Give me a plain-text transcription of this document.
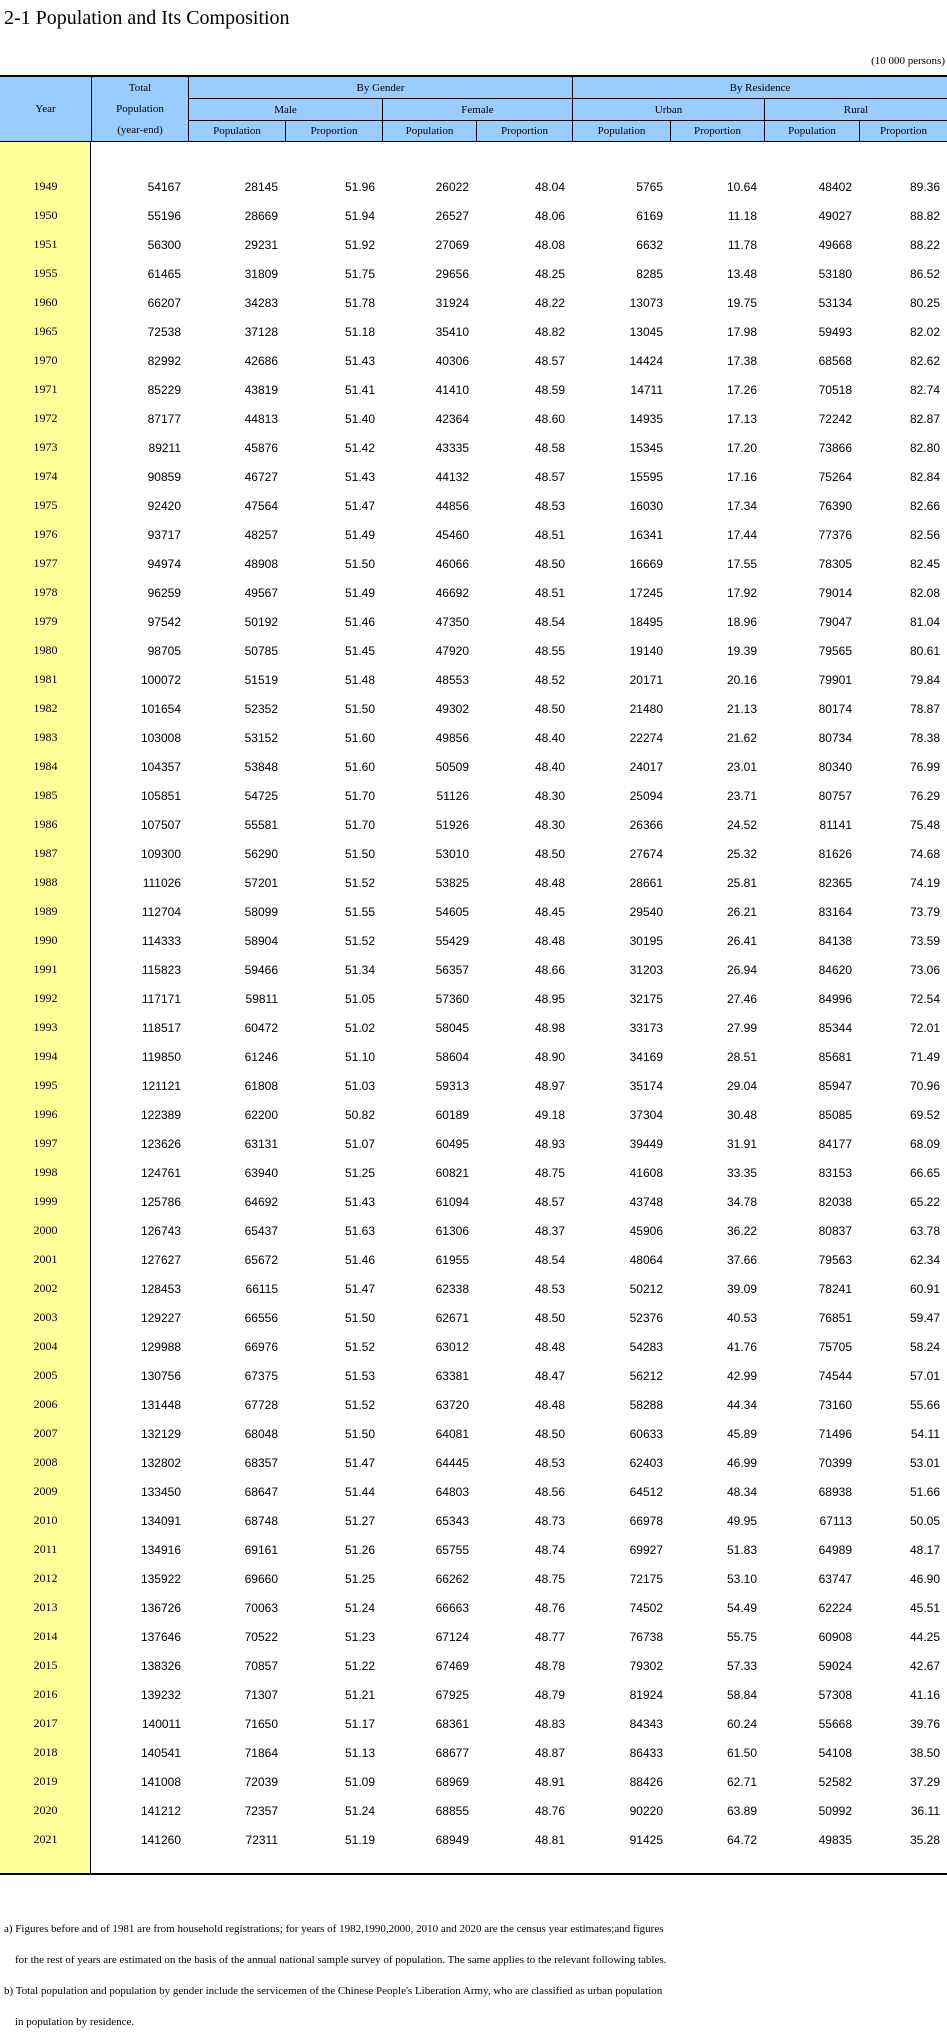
2-1 Population and Its Composition
(10 000 persons)
Year
Total
Population
(year-end)
By Gender	By Residence
Male	Female	Urban	Rural
Population	Proportion	Population	Proportion	Population	Proportion	Population	Proportion
1949	54167	28145	51.96	26022	48.04	5765	10.64	48402	89.36
1950	55196	28669	51.94	26527	48.06	6169	11.18	49027	88.82
1951	56300	29231	51.92	27069	48.08	6632	11.78	49668	88.22
1955	61465	31809	51.75	29656	48.25	8285	13.48	53180	86.52
1960	66207	34283	51.78	31924	48.22	13073	19.75	53134	80.25
1965	72538	37128	51.18	35410	48.82	13045	17.98	59493	82.02
1970	82992	42686	51.43	40306	48.57	14424	17.38	68568	82.62
1971	85229	43819	51.41	41410	48.59	14711	17.26	70518	82.74
1972	87177	44813	51.40	42364	48.60	14935	17.13	72242	82.87
1973	89211	45876	51.42	43335	48.58	15345	17.20	73866	82.80
1974	90859	46727	51.43	44132	48.57	15595	17.16	75264	82.84
1975	92420	47564	51.47	44856	48.53	16030	17.34	76390	82.66
1976	93717	48257	51.49	45460	48.51	16341	17.44	77376	82.56
1977	94974	48908	51.50	46066	48.50	16669	17.55	78305	82.45
1978	96259	49567	51.49	46692	48.51	17245	17.92	79014	82.08
1979	97542	50192	51.46	47350	48.54	18495	18.96	79047	81.04
1980	98705	50785	51.45	47920	48.55	19140	19.39	79565	80.61
1981	100072	51519	51.48	48553	48.52	20171	20.16	79901	79.84
1982	101654	52352	51.50	49302	48.50	21480	21.13	80174	78.87
1983	103008	53152	51.60	49856	48.40	22274	21.62	80734	78.38
1984	104357	53848	51.60	50509	48.40	24017	23.01	80340	76.99
1985	105851	54725	51.70	51126	48.30	25094	23.71	80757	76.29
1986	107507	55581	51.70	51926	48.30	26366	24.52	81141	75.48
1987	109300	56290	51.50	53010	48.50	27674	25.32	81626	74.68
1988	111026	57201	51.52	53825	48.48	28661	25.81	82365	74.19
1989	112704	58099	51.55	54605	48.45	29540	26.21	83164	73.79
1990	114333	58904	51.52	55429	48.48	30195	26.41	84138	73.59
1991	115823	59466	51.34	56357	48.66	31203	26.94	84620	73.06
1992	117171	59811	51.05	57360	48.95	32175	27.46	84996	72.54
1993	118517	60472	51.02	58045	48.98	33173	27.99	85344	72.01
1994	119850	61246	51.10	58604	48.90	34169	28.51	85681	71.49
1995	121121	61808	51.03	59313	48.97	35174	29.04	85947	70.96
1996	122389	62200	50.82	60189	49.18	37304	30.48	85085	69.52
1997	123626	63131	51.07	60495	48.93	39449	31.91	84177	68.09
1998	124761	63940	51.25	60821	48.75	41608	33.35	83153	66.65
1999	125786	64692	51.43	61094	48.57	43748	34.78	82038	65.22
2000	126743	65437	51.63	61306	48.37	45906	36.22	80837	63.78
2001	127627	65672	51.46	61955	48.54	48064	37.66	79563	62.34
2002	128453	66115	51.47	62338	48.53	50212	39.09	78241	60.91
2003	129227	66556	51.50	62671	48.50	52376	40.53	76851	59.47
2004	129988	66976	51.52	63012	48.48	54283	41.76	75705	58.24
2005	130756	67375	51.53	63381	48.47	56212	42.99	74544	57.01
2006	131448	67728	51.52	63720	48.48	58288	44.34	73160	55.66
2007	132129	68048	51.50	64081	48.50	60633	45.89	71496	54.11
2008	132802	68357	51.47	64445	48.53	62403	46.99	70399	53.01
2009	133450	68647	51.44	64803	48.56	64512	48.34	68938	51.66
2010	134091	68748	51.27	65343	48.73	66978	49.95	67113	50.05
2011	134916	69161	51.26	65755	48.74	69927	51.83	64989	48.17
2012	135922	69660	51.25	66262	48.75	72175	53.10	63747	46.90
2013	136726	70063	51.24	66663	48.76	74502	54.49	62224	45.51
2014	137646	70522	51.23	67124	48.77	76738	55.75	60908	44.25
2015	138326	70857	51.22	67469	48.78	79302	57.33	59024	42.67
2016	139232	71307	51.21	67925	48.79	81924	58.84	57308	41.16
2017	140011	71650	51.17	68361	48.83	84343	60.24	55668	39.76
2018	140541	71864	51.13	68677	48.87	86433	61.50	54108	38.50
2019	141008	72039	51.09	68969	48.91	88426	62.71	52582	37.29
2020	141212	72357	51.24	68855	48.76	90220	63.89	50992	36.11
2021	141260	72311	51.19	68949	48.81	91425	64.72	49835	35.28
a) Figures before and of 1981 are from household registrations; for years of 1982,1990,2000, 2010 and 2020 are the census year estimates;and figures
for the rest of years are estimated on the basis of the annual national sample survey of population. The same applies to the relevant following tables.
b) Total population and population by gender include the servicemen of the Chinese People's Liberation Army, who are classified as urban population
in population by residence.
